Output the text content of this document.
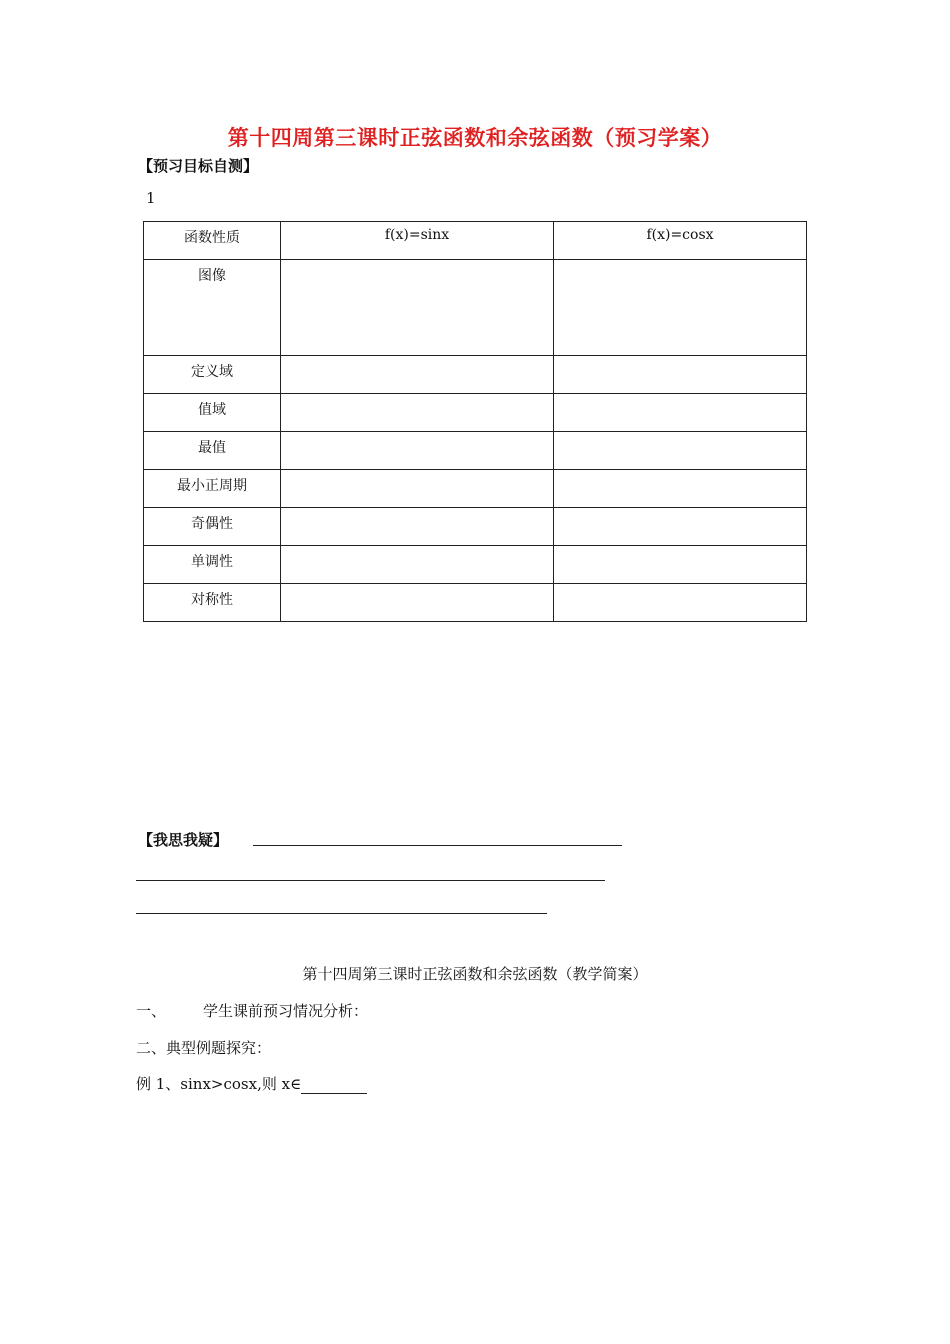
第十四周第三课时正弦函数和余弦函数（预习学案）
【预习目标自测】
1
函数性质	f(x)=sinx	f(x)=cosx
图像		
定义域		
值域		
最值		
最小正周期		
奇偶性		
单调性		
对称性		
【我思我疑】
第十四周第三课时正弦函数和余弦函数（教学简案）
一、 学生课前预习情况分析：
二、典型例题探究：
例 1、sinx>cosx,则 x∈
